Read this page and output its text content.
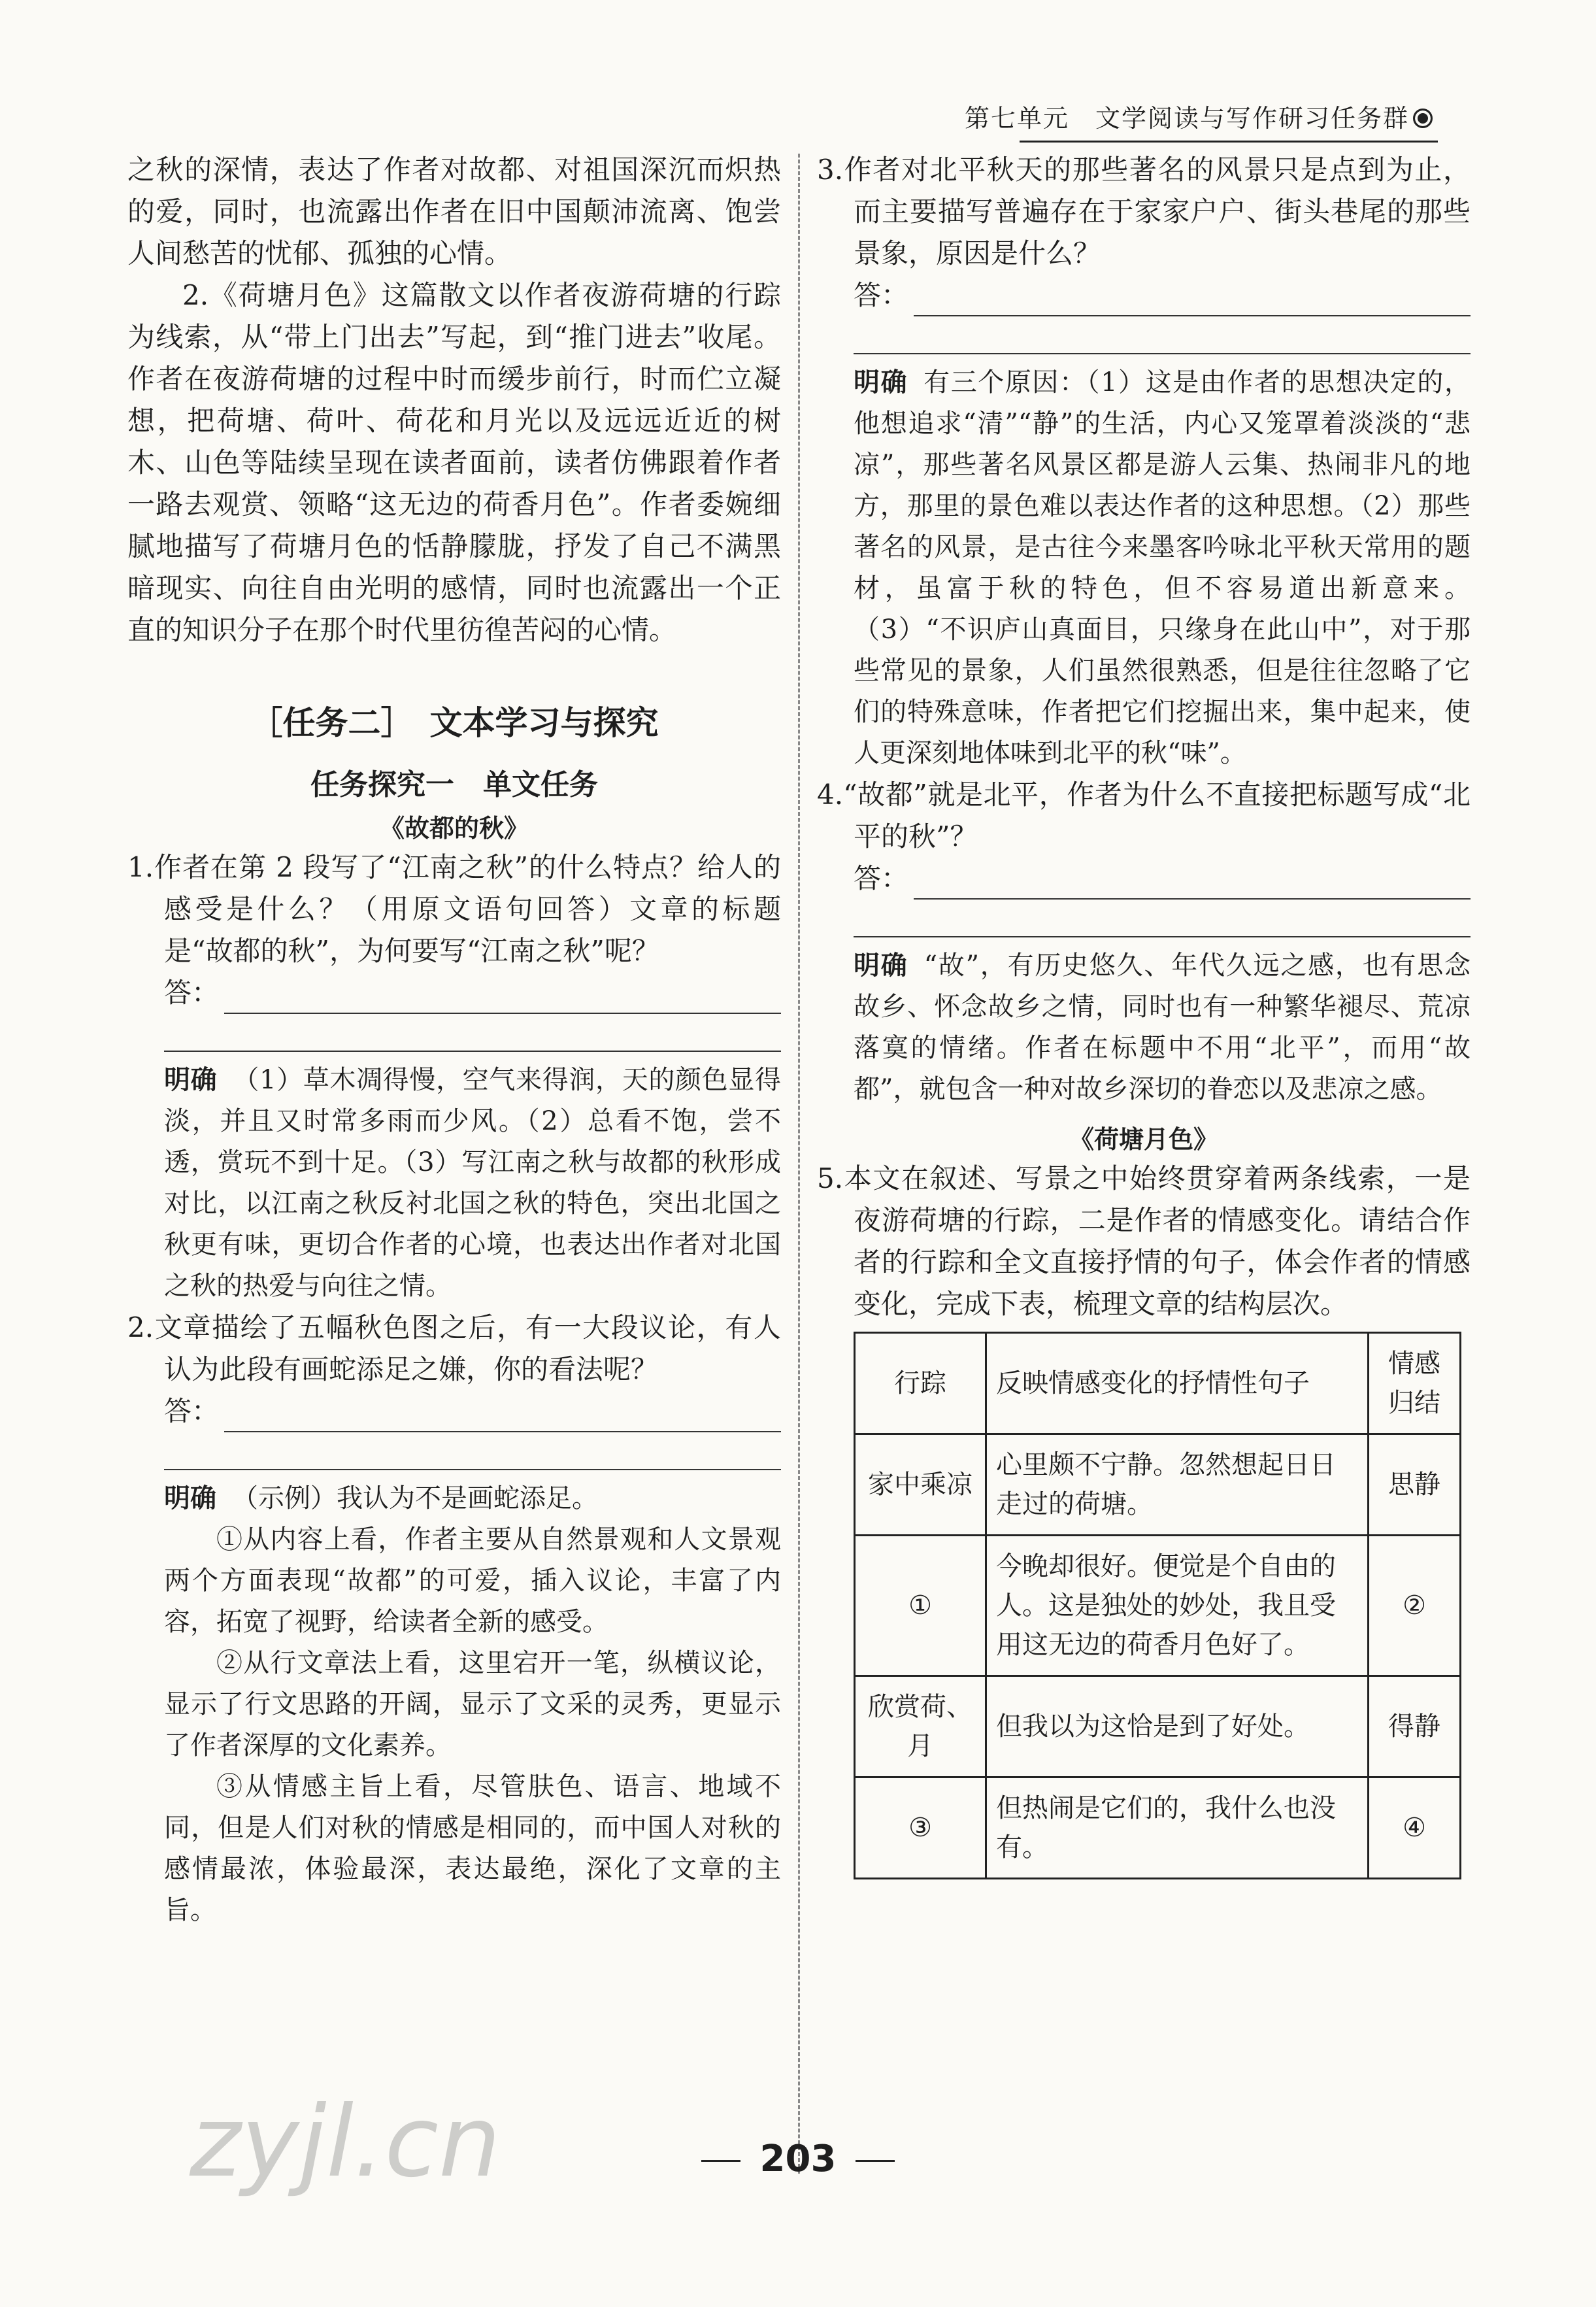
第七单元　文学阅读与写作研习任务群

之秋的深情，表达了作者对故都、对祖国深沉而炽热的爱，同时，也流露出作者在旧中国颠沛流离、饱尝人间愁苦的忧郁、孤独的心情。

2.《荷塘月色》这篇散文以作者夜游荷塘的行踪为线索，从“带上门出去”写起，到“推门进去”收尾。作者在夜游荷塘的过程中时而缓步前行，时而伫立凝想，把荷塘、荷叶、荷花和月光以及远远近近的树木、山色等陆续呈现在读者面前，读者仿佛跟着作者一路去观赏、领略“这无边的荷香月色”。作者委婉细腻地描写了荷塘月色的恬静朦胧，抒发了自己不满黑暗现实、向往自由光明的感情，同时也流露出一个正直的知识分子在那个时代里彷徨苦闷的心情。

［任务二］　文本学习与探究
任务探究一　单文任务
《故都的秋》

1.作者在第 2 段写了“江南之秋”的什么特点？给人的感受是什么？（用原文语句回答）文章的标题是“故都的秋”，为何要写“江南之秋”呢？

答：

明确 （1）草木凋得慢，空气来得润，天的颜色显得淡，并且又时常多雨而少风。（2）总看不饱，尝不透，赏玩不到十足。（3）写江南之秋与故都的秋形成对比，以江南之秋反衬北国之秋的特色，突出北国之秋更有味，更切合作者的心境，也表达出作者对北国之秋的热爱与向往之情。

2.文章描绘了五幅秋色图之后，有一大段议论，有人认为此段有画蛇添足之嫌，你的看法呢？

答：

明确 （示例）我认为不是画蛇添足。

①从内容上看，作者主要从自然景观和人文景观两个方面表现“故都”的可爱，插入议论，丰富了内容，拓宽了视野，给读者全新的感受。

②从行文章法上看，这里宕开一笔，纵横议论，显示了行文思路的开阔，显示了文采的灵秀，更显示了作者深厚的文化素养。

③从情感主旨上看，尽管肤色、语言、地域不同，但是人们对秋的情感是相同的，而中国人对秋的感情最浓，体验最深，表达最绝，深化了文章的主旨。

3.作者对北平秋天的那些著名的风景只是点到为止，而主要描写普遍存在于家家户户、街头巷尾的那些景象，原因是什么？

答：

明确 有三个原因：（1）这是由作者的思想决定的，他想追求“清”“静”的生活，内心又笼罩着淡淡的“悲凉”，那些著名风景区都是游人云集、热闹非凡的地方，那里的景色难以表达作者的这种思想。（2）那些著名的风景，是古往今来墨客吟咏北平秋天常用的题材，虽富于秋的特色，但不容易道出新意来。（3）“不识庐山真面目，只缘身在此山中”，对于那些常见的景象，人们虽然很熟悉，但是往往忽略了它们的特殊意味，作者把它们挖掘出来，集中起来，使人更深刻地体味到北平的秋“味”。

4.“故都”就是北平，作者为什么不直接把标题写成“北平的秋”？

答：

明确 “故”，有历史悠久、年代久远之感，也有思念故乡、怀念故乡之情，同时也有一种繁华褪尽、荒凉落寞的情绪。作者在标题中不用“北平”，而用“故都”，就包含一种对故乡深切的眷恋以及悲凉之感。

《荷塘月色》

5.本文在叙述、写景之中始终贯穿着两条线索，一是夜游荷塘的行踪，二是作者的情感变化。请结合作者的行踪和全文直接抒情的句子，体会作者的情感变化，完成下表，梳理文章的结构层次。

行踪	反映情感变化的抒情性句子	情感归结
家中乘凉	心里颇不宁静。忽然想起日日走过的荷塘。	思静
①	今晚却很好。便觉是个自由的人。这是独处的妙处，我且受用这无边的荷香月色好了。	②
欣赏荷、月	但我以为这恰是到了好处。	得静
③	但热闹是它们的，我什么也没有。	④
zyjl.cn	203
